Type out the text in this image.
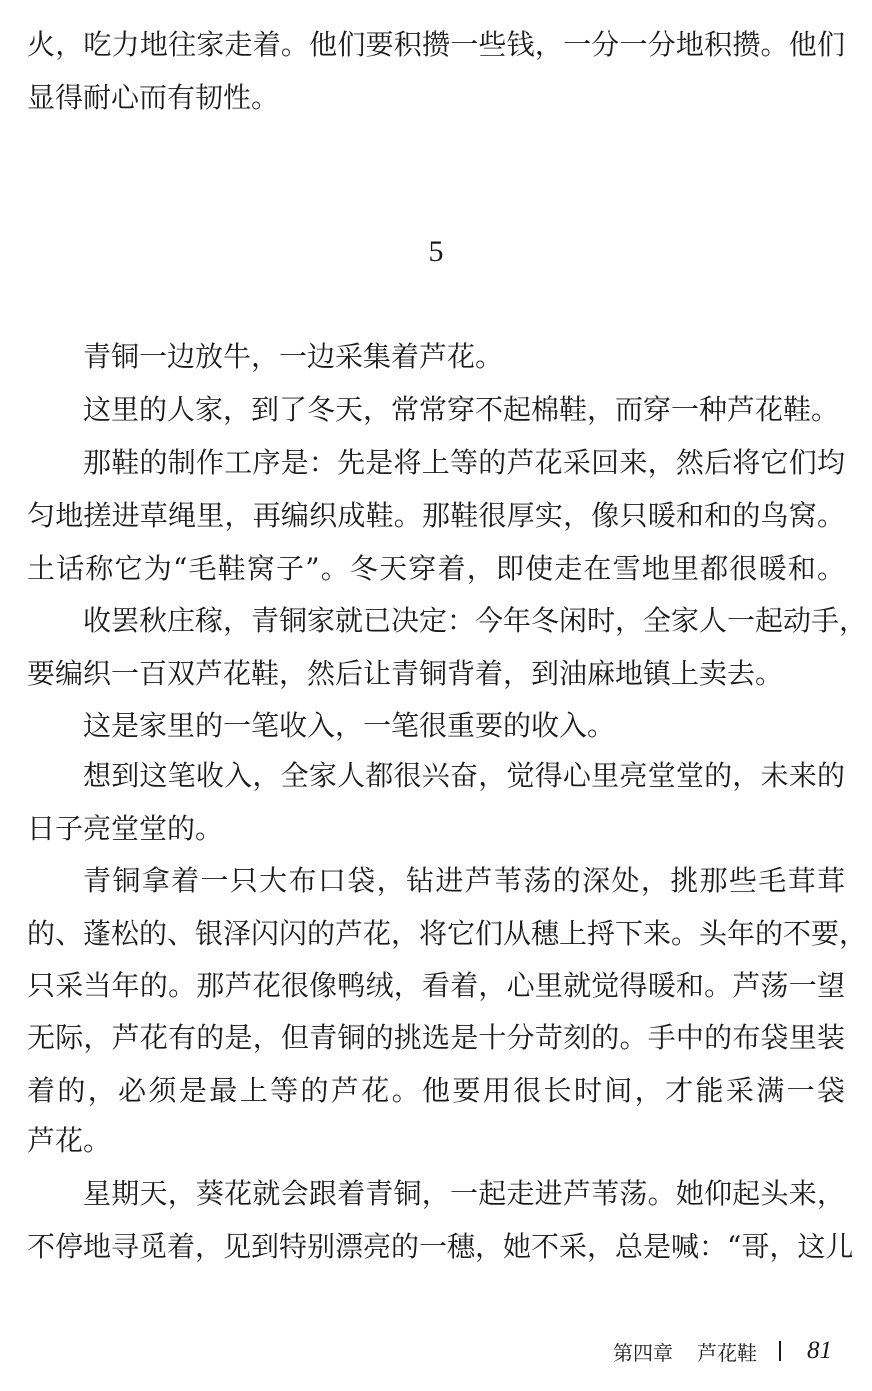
火，吃力地往家走着。他们要积攒一些钱，一分一分地积攒。他们
显得耐心而有韧性。
5
青铜一边放牛，一边采集着芦花。
这里的人家，到了冬天，常常穿不起棉鞋，而穿一种芦花鞋。
那鞋的制作工序是：先是将上等的芦花采回来，然后将它们均
匀地搓进草绳里，再编织成鞋。那鞋很厚实，像只暖和和的鸟窝。
土话称它为“毛鞋窝子”。冬天穿着，即使走在雪地里都很暖和。
收罢秋庄稼，青铜家就已决定：今年冬闲时，全家人一起动手，
要编织一百双芦花鞋，然后让青铜背着，到油麻地镇上卖去。
这是家里的一笔收入，一笔很重要的收入。
想到这笔收入，全家人都很兴奋，觉得心里亮堂堂的，未来的
日子亮堂堂的。
青铜拿着一只大布口袋，钻进芦苇荡的深处，挑那些毛茸茸
的、蓬松的、银泽闪闪的芦花，将它们从穗上捋下来。头年的不要，
只采当年的。那芦花很像鸭绒，看着，心里就觉得暖和。芦荡一望
无际，芦花有的是，但青铜的挑选是十分苛刻的。手中的布袋里装
着的，必须是最上等的芦花。他要用很长时间，才能采满一袋
芦花。
星期天，葵花就会跟着青铜，一起走进芦苇荡。她仰起头来，
不停地寻觅着，见到特别漂亮的一穗，她不采，总是喊：“哥，这儿
第四章 芦花鞋 81
